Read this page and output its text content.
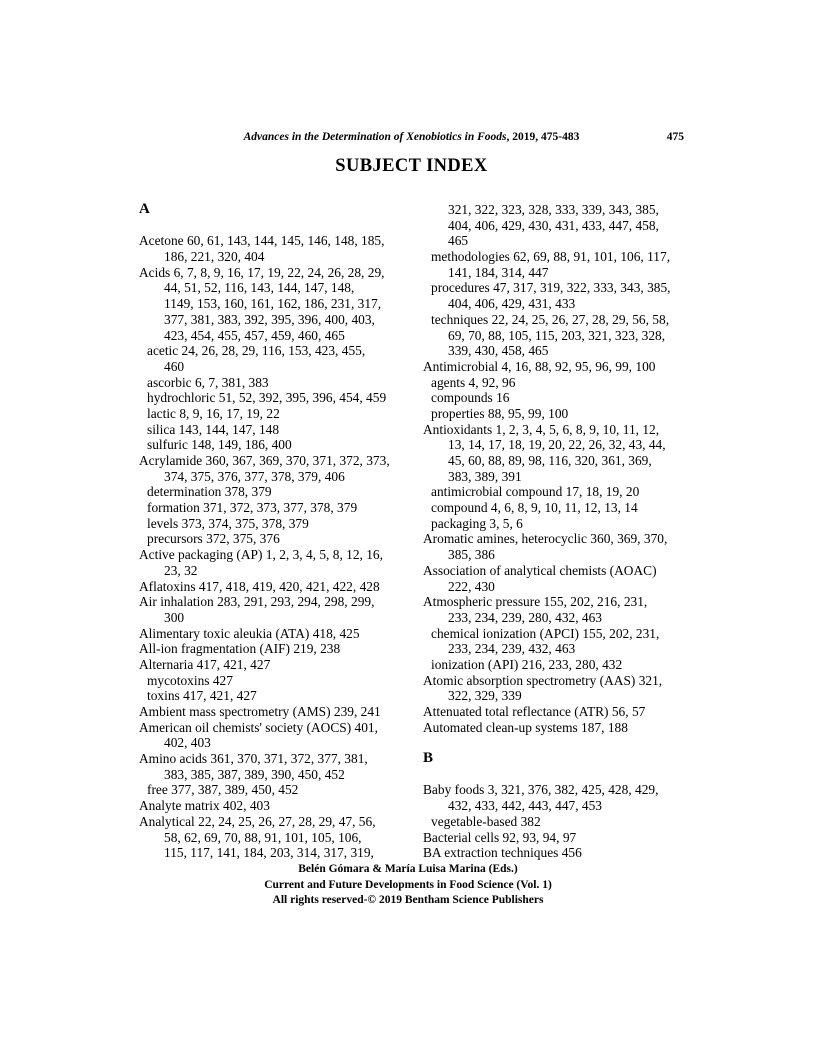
Advances in the Determination of Xenobiotics in Foods, 2019, 475-483	475
SUBJECT INDEX
A
Acetone 60, 61, 143, 144, 145, 146, 148, 185,
186, 221, 320, 404
Acids 6, 7, 8, 9, 16, 17, 19, 22, 24, 26, 28, 29,
44, 51, 52, 116, 143, 144, 147, 148,
1149, 153, 160, 161, 162, 186, 231, 317,
377, 381, 383, 392, 395, 396, 400, 403,
423, 454, 455, 457, 459, 460, 465
acetic 24, 26, 28, 29, 116, 153, 423, 455,
460
ascorbic 6, 7, 381, 383
hydrochloric 51, 52, 392, 395, 396, 454, 459
lactic 8, 9, 16, 17, 19, 22
silica 143, 144, 147, 148
sulfuric 148, 149, 186, 400
Acrylamide 360, 367, 369, 370, 371, 372, 373,
374, 375, 376, 377, 378, 379, 406
determination 378, 379
formation 371, 372, 373, 377, 378, 379
levels 373, 374, 375, 378, 379
precursors 372, 375, 376
Active packaging (AP) 1, 2, 3, 4, 5, 8, 12, 16,
23, 32
Aflatoxins 417, 418, 419, 420, 421, 422, 428
Air inhalation 283, 291, 293, 294, 298, 299,
300
Alimentary toxic aleukia (ATA) 418, 425
All-ion fragmentation (AIF) 219, 238
Alternaria 417, 421, 427
mycotoxins 427
toxins 417, 421, 427
Ambient mass spectrometry (AMS) 239, 241
American oil chemists' society (AOCS) 401,
402, 403
Amino acids 361, 370, 371, 372, 377, 381,
383, 385, 387, 389, 390, 450, 452
free 377, 387, 389, 450, 452
Analyte matrix 402, 403
Analytical 22, 24, 25, 26, 27, 28, 29, 47, 56,
58, 62, 69, 70, 88, 91, 101, 105, 106,
115, 117, 141, 184, 203, 314, 317, 319,
321, 322, 323, 328, 333, 339, 343, 385,
404, 406, 429, 430, 431, 433, 447, 458,
465
methodologies 62, 69, 88, 91, 101, 106, 117,
141, 184, 314, 447
procedures 47, 317, 319, 322, 333, 343, 385,
404, 406, 429, 431, 433
techniques 22, 24, 25, 26, 27, 28, 29, 56, 58,
69, 70, 88, 105, 115, 203, 321, 323, 328,
339, 430, 458, 465
Antimicrobial 4, 16, 88, 92, 95, 96, 99, 100
agents 4, 92, 96
compounds 16
properties 88, 95, 99, 100
Antioxidants 1, 2, 3, 4, 5, 6, 8, 9, 10, 11, 12,
13, 14, 17, 18, 19, 20, 22, 26, 32, 43, 44,
45, 60, 88, 89, 98, 116, 320, 361, 369,
383, 389, 391
antimicrobial compound 17, 18, 19, 20
compound 4, 6, 8, 9, 10, 11, 12, 13, 14
packaging 3, 5, 6
Aromatic amines, heterocyclic 360, 369, 370,
385, 386
Association of analytical chemists (AOAC)
222, 430
Atmospheric pressure 155, 202, 216, 231,
233, 234, 239, 280, 432, 463
chemical ionization (APCI) 155, 202, 231,
233, 234, 239, 432, 463
ionization (API) 216, 233, 280, 432
Atomic absorption spectrometry (AAS) 321,
322, 329, 339
Attenuated total reflectance (ATR) 56, 57
Automated clean-up systems 187, 188
B
Baby foods 3, 321, 376, 382, 425, 428, 429,
432, 433, 442, 443, 447, 453
vegetable-based 382
Bacterial cells 92, 93, 94, 97
BA extraction techniques 456
Belén Gómara & María Luisa Marina (Eds.)
Current and Future Developments in Food Science (Vol. 1)
All rights reserved-© 2019 Bentham Science Publishers
